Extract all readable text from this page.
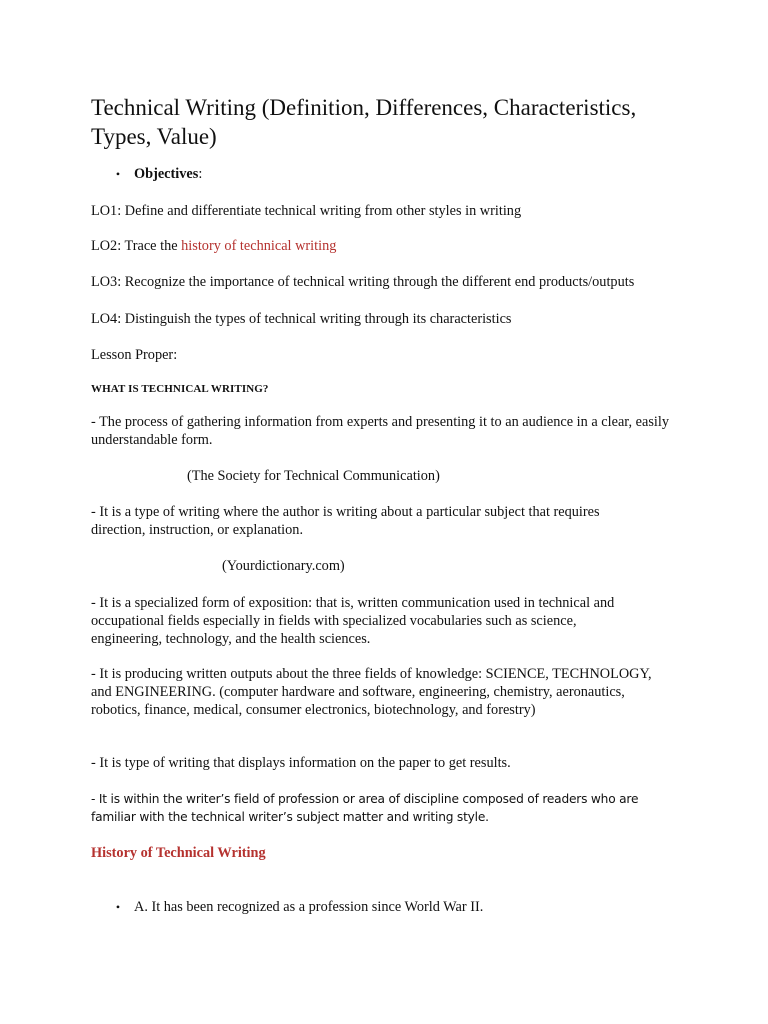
Technical Writing (Definition, Differences, Characteristics, Types, Value)
• Objectives :

LO1: Define and differentiate technical writing from other styles in writing

LO2: Trace the history of technical writing

LO3: Recognize the importance of technical writing through the different end products/outputs

LO4: Distinguish the types of technical writing through its characteristics

Lesson Proper:

WHAT IS TECHNICAL WRITING?

- The process of gathering information from experts and presenting it to an audience in a clear, easily understandable form.

(The Society for Technical Communication)

- It is a type of writing where the author is writing about a particular subject that requires direction, instruction, or explanation.

(Yourdictionary.com)

- It is a specialized form of exposition: that is, written communication used in technical and occupational fields especially in fields with specialized vocabularies such as science, engineering, technology, and the health sciences.

- It is producing written outputs about the three fields of knowledge: SCIENCE, TECHNOLOGY, and ENGINEERING. (computer hardware and software, engineering, chemistry, aeronautics, robotics, finance, medical, consumer electronics, biotechnology, and forestry)

- It is type of writing that displays information on the paper to get results.

- It is within the writer’s field of profession or area of discipline composed of readers who are familiar with the technical writer’s subject matter and writing style.

History of Technical Writing

• A. It has been recognized as a profession since World War II.
